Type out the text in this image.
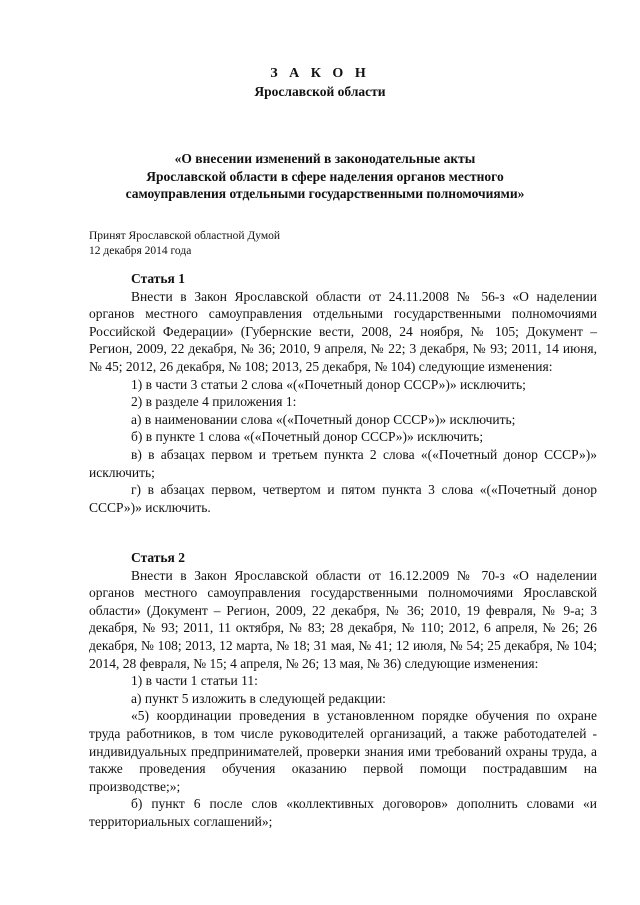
З А К О Н
Ярославской области
«О внесении изменений в законодательные акты
Ярославской области в сфере наделения органов местного
самоуправления отдельными государственными полномочиями»
Принят Ярославской областной Думой
12 декабря 2014 года
Статья 1

Внести в Закон Ярославской области от 24.11.2008 № 56-з «О наделении органов местного самоуправления отдельными государственными полномочиями Российской Федерации» (Губернские вести, 2008, 24 ноября, № 105; Документ – Регион, 2009, 22 декабря, № 36; 2010, 9 апреля, № 22; 3 декабря, № 93; 2011, 14 июня, № 45; 2012, 26 декабря, № 108; 2013, 25 декабря, № 104) следующие изменения:

1) в части 3 статьи 2 слова «(«Почетный донор СССР»)» исключить;

2) в разделе 4 приложения 1:

а) в наименовании слова «(«Почетный донор СССР»)» исключить;

б) в пункте 1 слова «(«Почетный донор СССР»)» исключить;

в) в абзацах первом и третьем пункта 2 слова «(«Почетный донор СССР»)» исключить;

г) в абзацах первом, четвертом и пятом пункта 3 слова «(«Почетный донор СССР»)» исключить.

Статья 2

Внести в Закон Ярославской области от 16.12.2009 № 70-з «О наделении органов местного самоуправления государственными полномочиями Ярославской области» (Документ – Регион, 2009, 22 декабря, № 36; 2010, 19 февраля, № 9-а; 3 декабря, № 93; 2011, 11 октября, № 83; 28 декабря, № 110; 2012, 6 апреля, № 26; 26 декабря, № 108; 2013, 12 марта, № 18; 31 мая, № 41; 12 июля, № 54; 25 декабря, № 104; 2014, 28 февраля, № 15; 4 апреля, № 26; 13 мая, № 36) следующие изменения:

1) в части 1 статьи 11:

а) пункт 5 изложить в следующей редакции:

«5) координации проведения в установленном порядке обучения по охране труда работников, в том числе руководителей организаций, а также работодателей - индивидуальных предпринимателей, проверки знания ими требований охраны труда, а также проведения обучения оказанию первой помощи пострадавшим на производстве;»;

б) пункт 6 после слов «коллективных договоров» дополнить словами «и территориальных соглашений»;
